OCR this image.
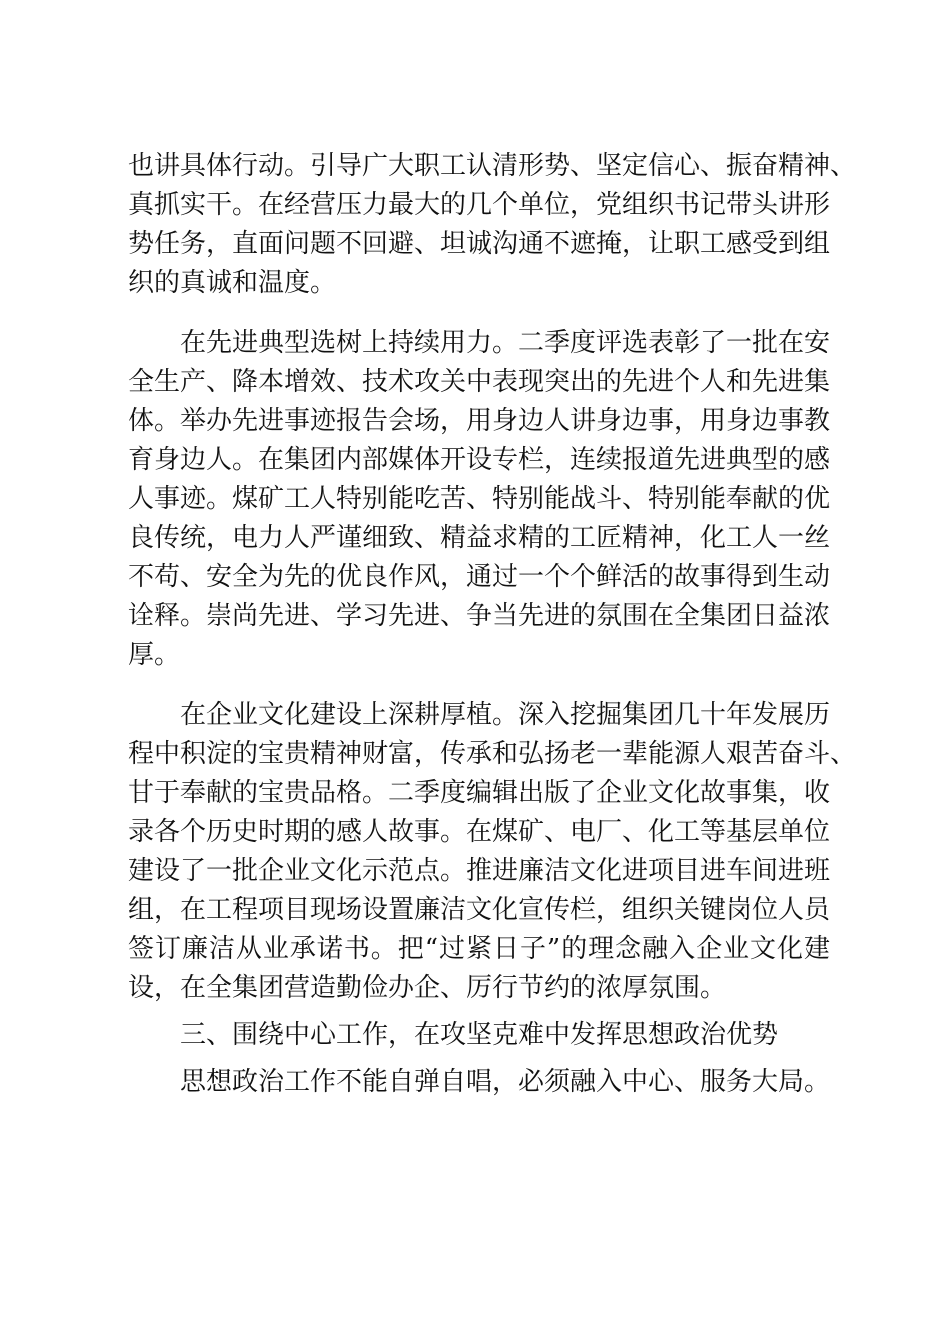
也讲具体行动。引导广大职工认清形势、坚定信心、振奋精神、
真抓实干。在经营压力最大的几个单位，党组织书记带头讲形
势任务，直面问题不回避、坦诚沟通不遮掩，让职工感受到组
织的真诚和温度。
在先进典型选树上持续用力。二季度评选表彰了一批在安
全生产、降本增效、技术攻关中表现突出的先进个人和先进集
体。举办先进事迹报告会场，用身边人讲身边事，用身边事教
育身边人。在集团内部媒体开设专栏，连续报道先进典型的感
人事迹。煤矿工人特别能吃苦、特别能战斗、特别能奉献的优
良传统，电力人严谨细致、精益求精的工匠精神，化工人一丝
不苟、安全为先的优良作风，通过一个个鲜活的故事得到生动
诠释。崇尚先进、学习先进、争当先进的氛围在全集团日益浓
厚。
在企业文化建设上深耕厚植。深入挖掘集团几十年发展历
程中积淀的宝贵精神财富，传承和弘扬老一辈能源人艰苦奋斗、
甘于奉献的宝贵品格。二季度编辑出版了企业文化故事集，收
录各个历史时期的感人故事。在煤矿、电厂、化工等基层单位
建设了一批企业文化示范点。推进廉洁文化进项目进车间进班
组，在工程项目现场设置廉洁文化宣传栏，组织关键岗位人员
签订廉洁从业承诺书。把“过紧日子”的理念融入企业文化建
设，在全集团营造勤俭办企、厉行节约的浓厚氛围。
三、围绕中心工作，在攻坚克难中发挥思想政治优势
思想政治工作不能自弹自唱，必须融入中心、服务大局。
